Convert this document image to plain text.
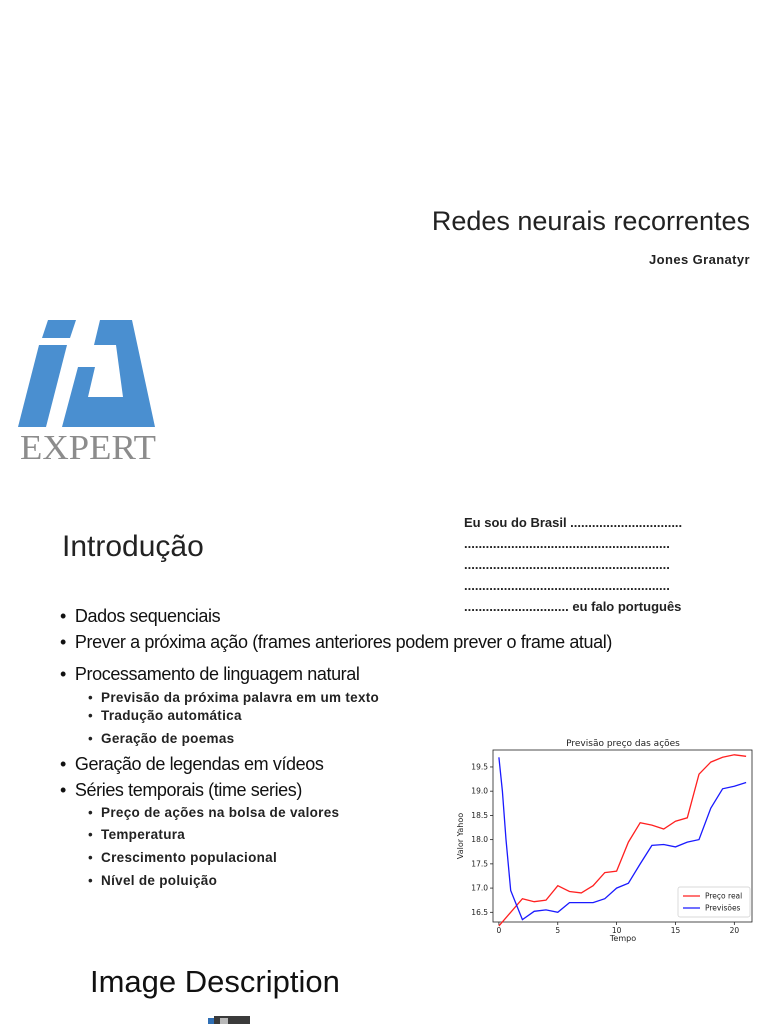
Redes neurais recorrentes
Jones Granatyr
EXPERT
Introdução
Eu sou do Brasil ...............................
.........................................................
.........................................................
.........................................................
............................. eu falo português
• Dados sequenciais
• Prever a próxima ação (frames anteriores podem prever o frame atual)
• Processamento de linguagem natural
• Previsão da próxima palavra em um texto
• Tradução automática
• Geração de poemas
• Geração de legendas em vídeos
• Séries temporais (time series)
• Preço de ações na bolsa de valores
• Temperatura
• Crescimento populacional
• Nível de poluição
Previsão preço das ações
0	5	10	15	20
16.5
17.0
17.5
18.0
18.5
19.0
19.5
Tempo
Valor Yahoo
Preço real
Previsões
Image Description
